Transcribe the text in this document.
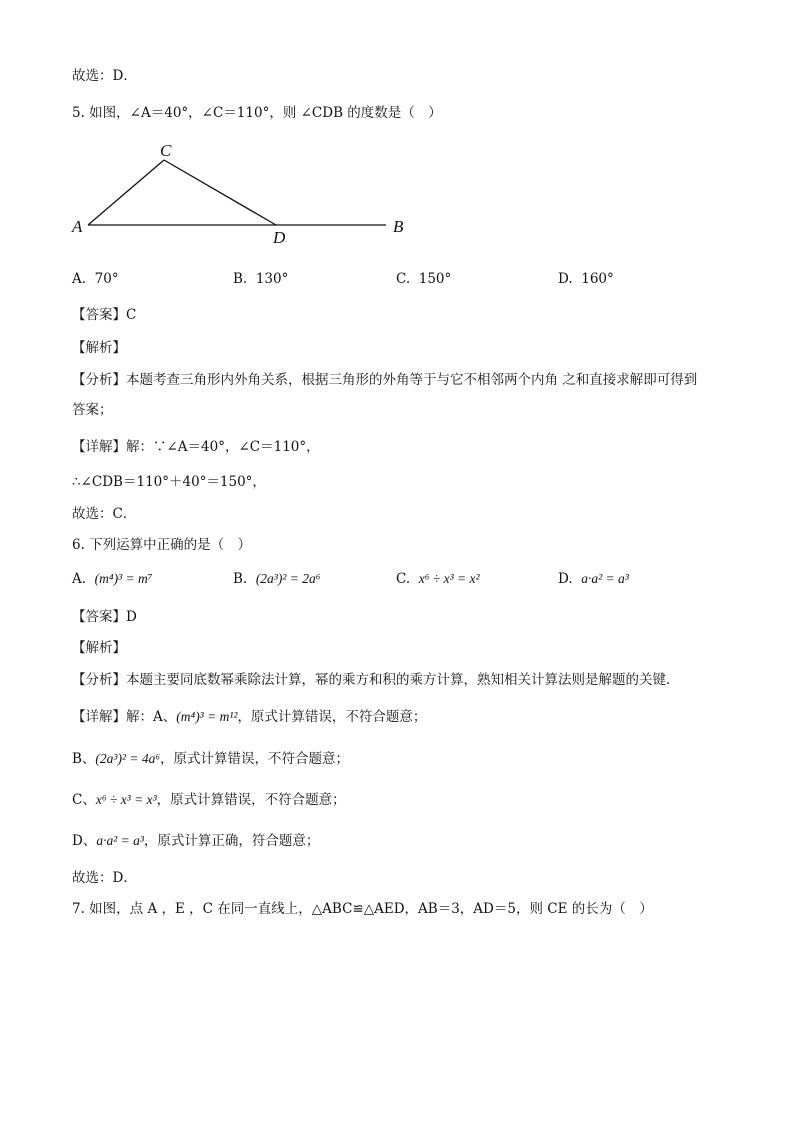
故选：D．
5. 如图，∠A＝40°，∠C＝110°，则 ∠CDB 的度数是（　）
C
A
D
B
A. 70°	B. 130°	C. 150°	D. 160°
【答案】C
【解析】
【分析】本题考查三角形内外角关系，根据三角形的外角等于与它不相邻两个内角 之和直接求解即可得到
答案；
【详解】解：∵∠A＝40°，∠C＝110°，
∴∠CDB＝110°＋40°＝150°，
故选：C．
6. 下列运算中正确的是（　）
A. (m⁴)³ = m⁷	B. (2a³)² = 2a⁶	C. x⁶ ÷ x³ = x²	D. a·a² = a³
【答案】D
【解析】
【分析】本题主要同底数幂乘除法计算，幂的乘方和积的乘方计算，熟知相关计算法则是解题的关键．
【详解】解：A、(m⁴)³ = m¹²，原式计算错误，不符合题意；
B、(2a³)² = 4a⁶，原式计算错误，不符合题意；
C、x⁶ ÷ x³ = x³，原式计算错误，不符合题意；
D、a·a² = a³，原式计算正确，符合题意；
故选：D．
7. 如图，点 A ，E ，C 在同一直线上，△ABC≌△AED，AB＝3，AD＝5，则 CE 的长为（　）
